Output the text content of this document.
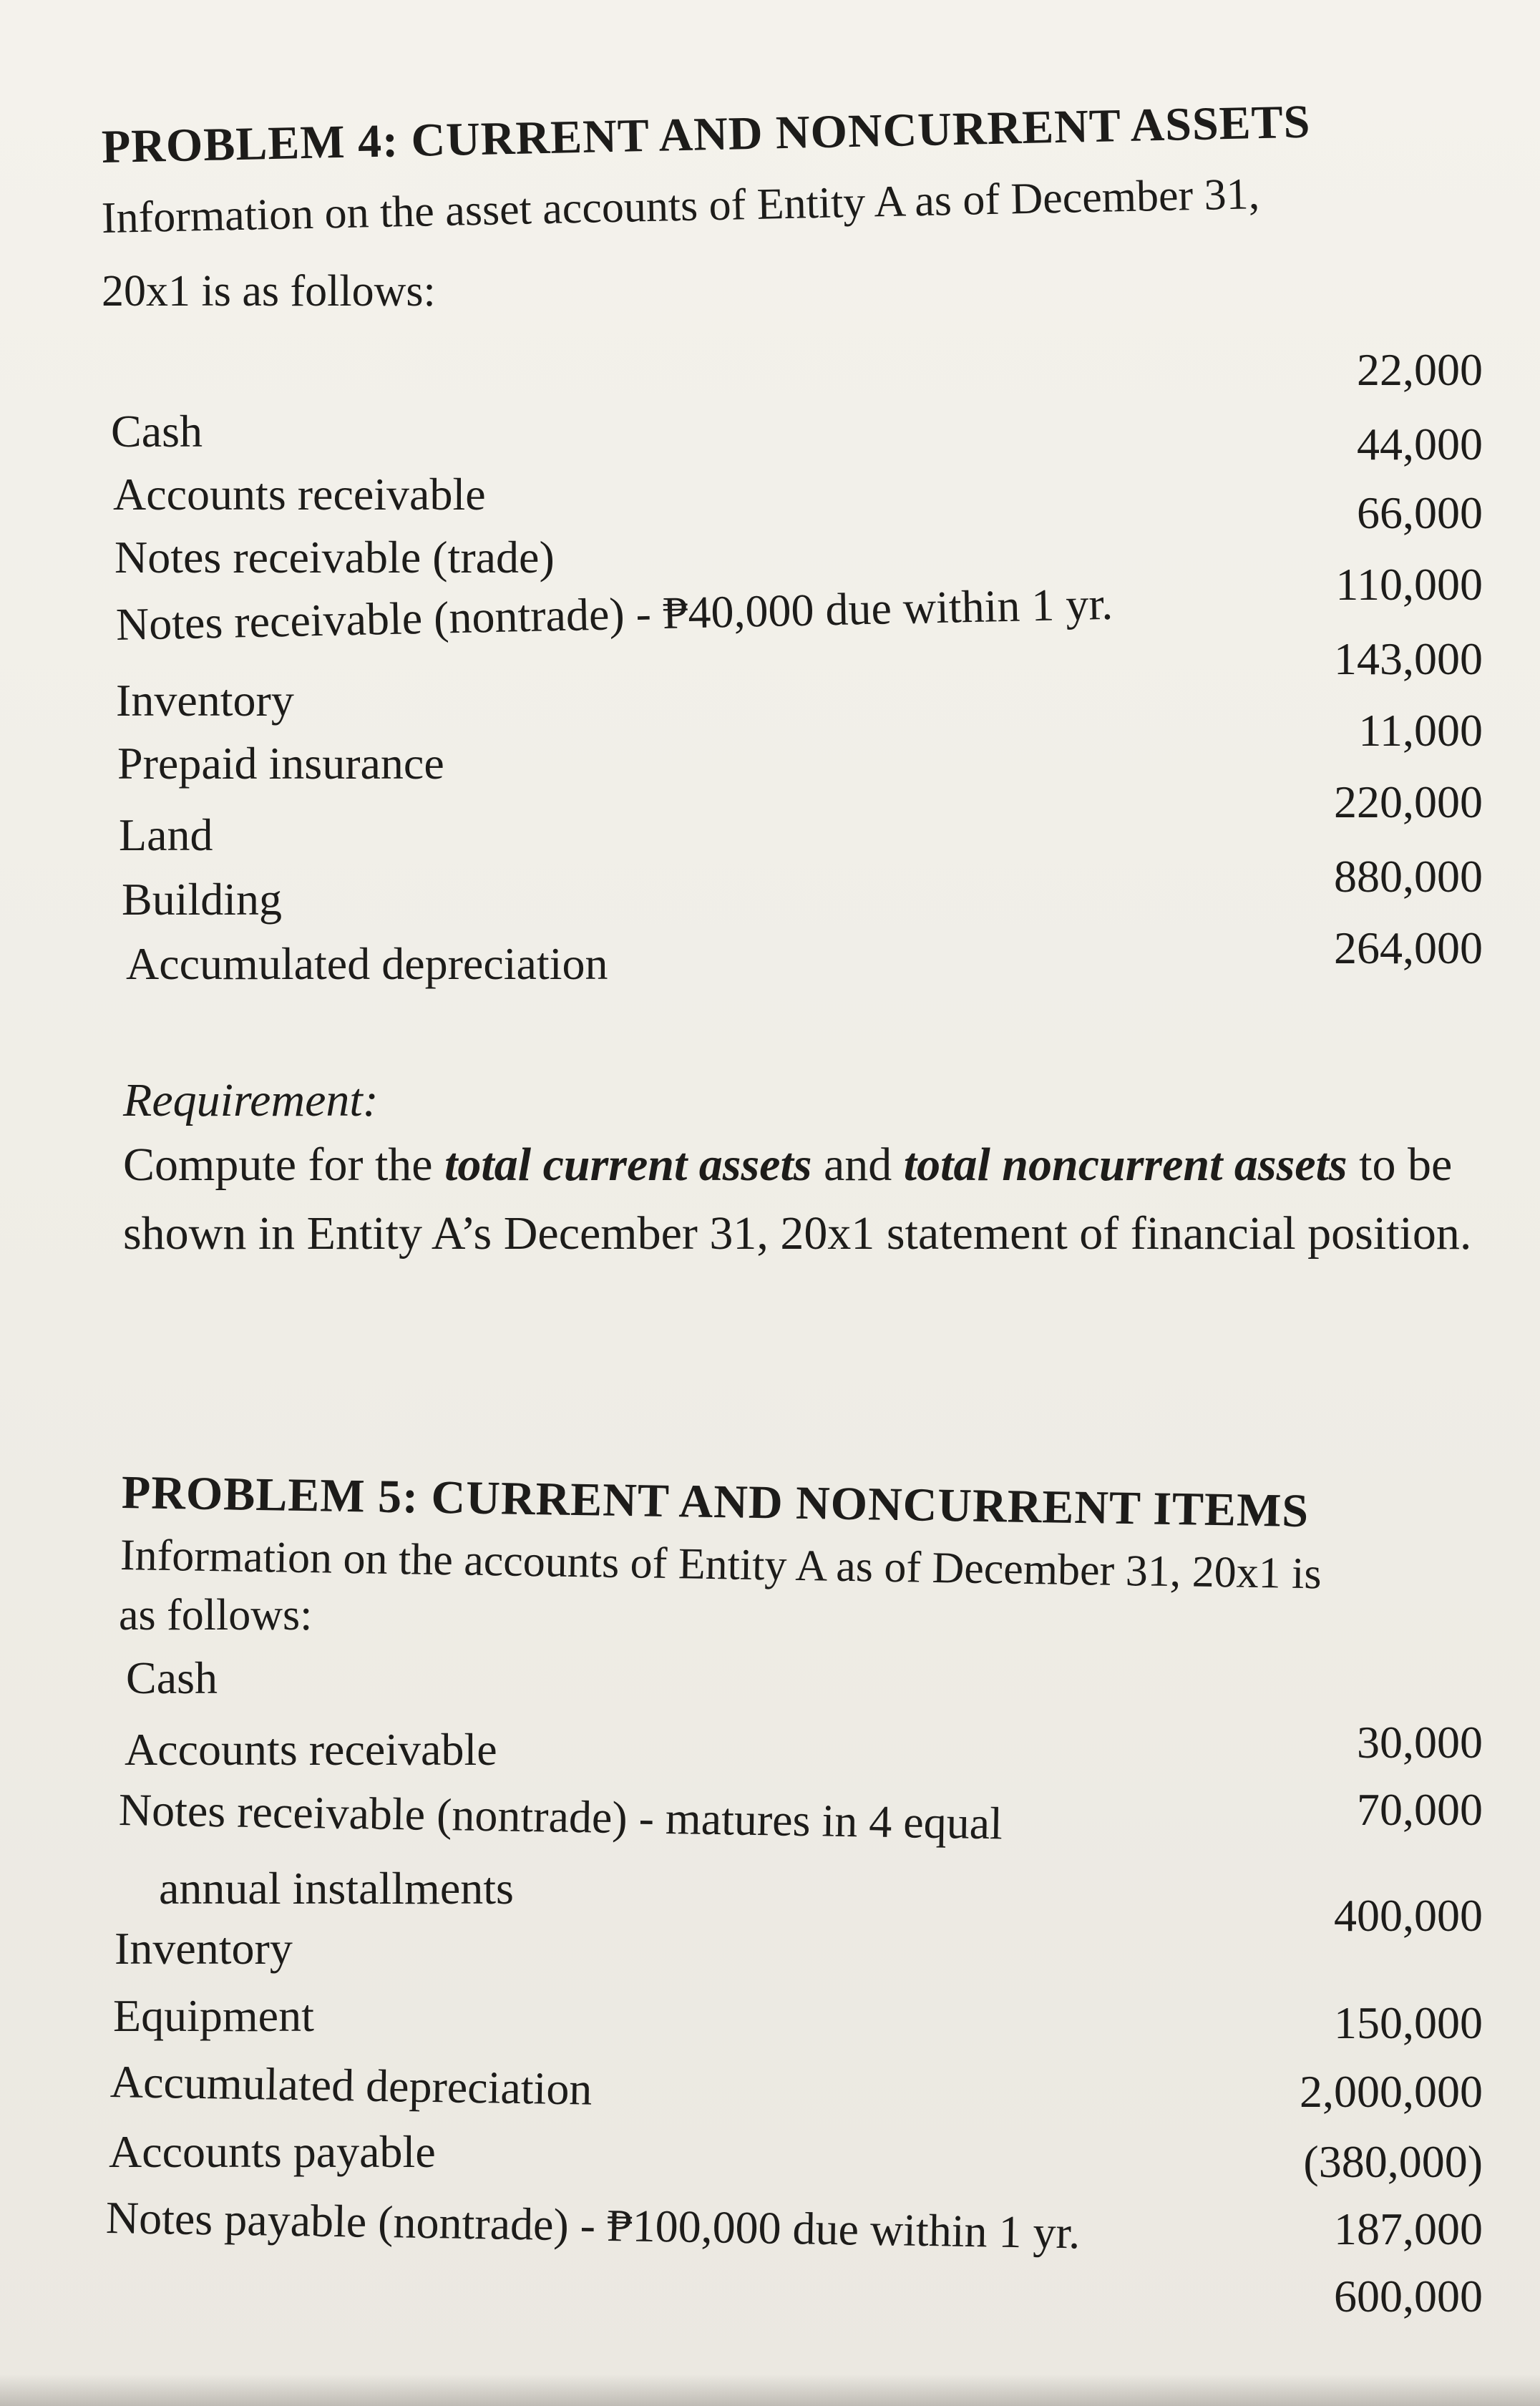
PROBLEM 4: CURRENT AND NONCURRENT ASSETS
Information on the asset accounts of Entity A as of December 31,
20x1 is as follows:
Cash
Accounts receivable
Notes receivable (trade)
Notes receivable (nontrade) - ₱40,000 due within 1 yr.
Inventory
Prepaid insurance
Land
Building
Accumulated depreciation
22,000
44,000
66,000
110,000
143,000
11,000
220,000
880,000
264,000
Requirement:
Compute for the total current assets and total noncurrent assets to be shown in Entity A’s December 31, 20x1 statement of financial position.
PROBLEM 5: CURRENT AND NONCURRENT ITEMS
Information on the accounts of Entity A as of December 31, 20x1 is
as follows:
Cash
Accounts receivable
Notes receivable (nontrade) - matures in 4 equal
annual installments
Inventory
Equipment
Accumulated depreciation
Accounts payable
Notes payable (nontrade) - ₱100,000 due within 1 yr.
30,000
70,000
400,000
150,000
2,000,000
(380,000)
187,000
600,000
